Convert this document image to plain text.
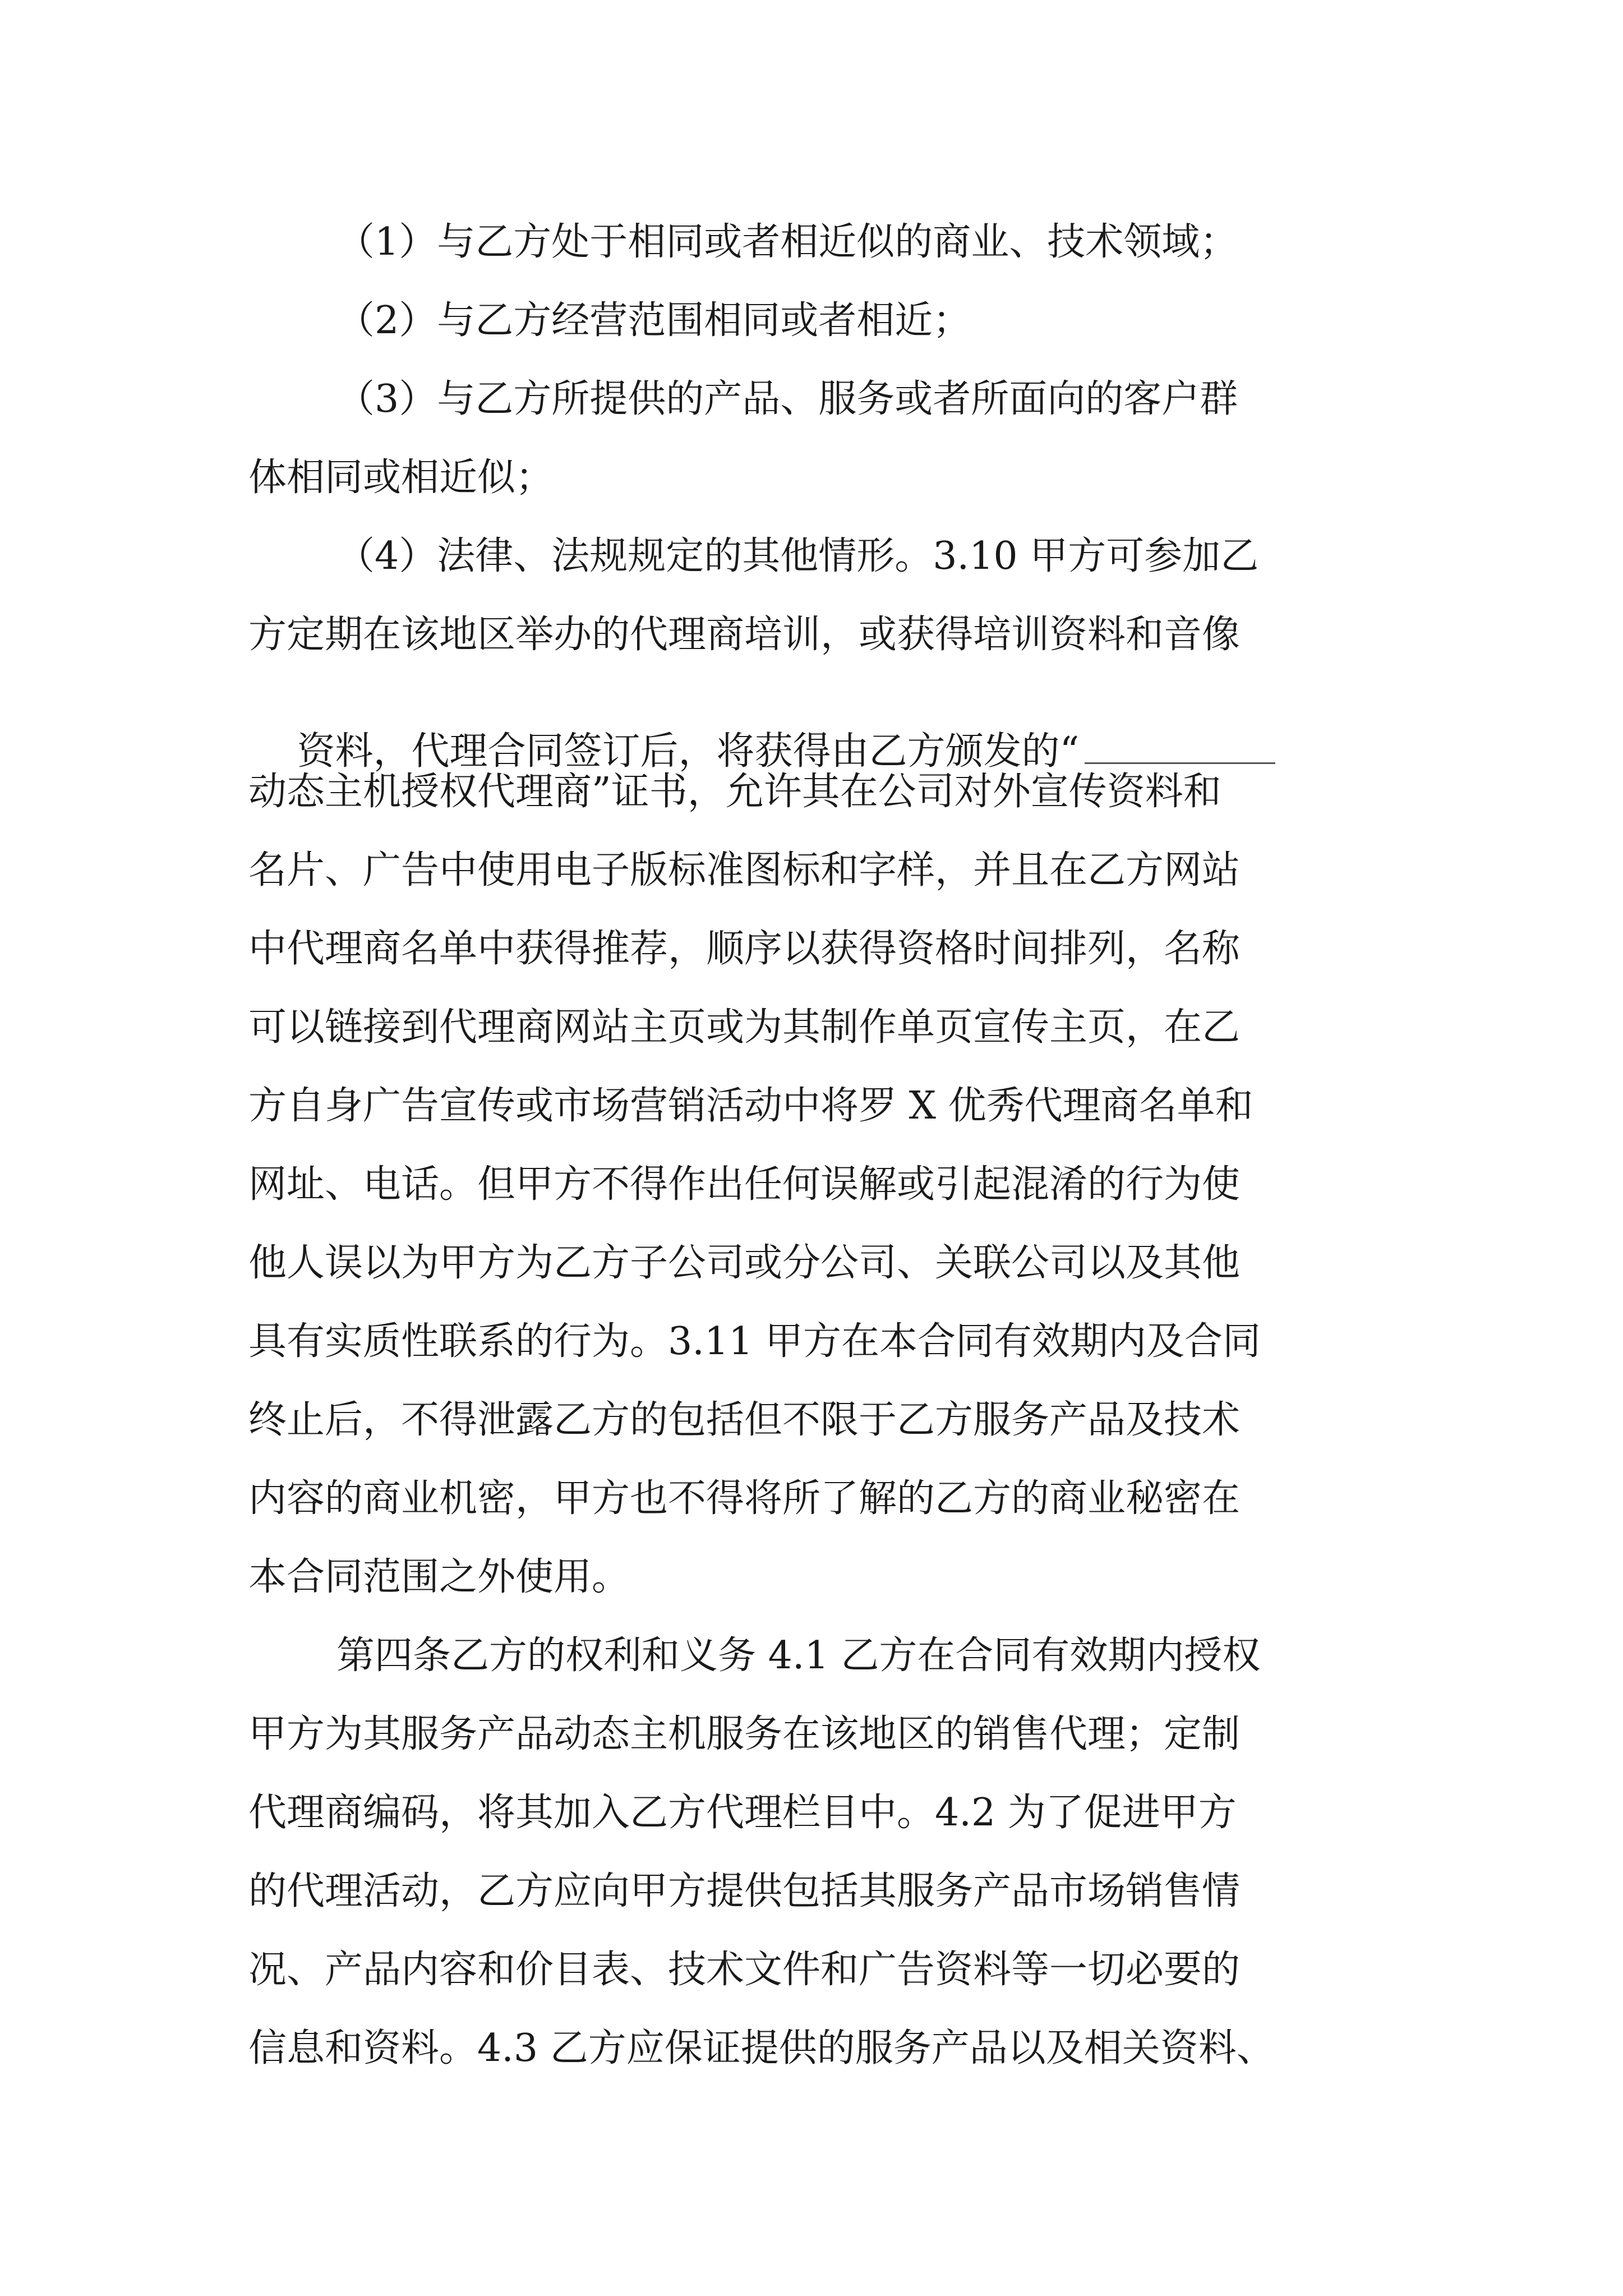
（1）与乙方处于相同或者相近似的商业、技术领域；
（2）与乙方经营范围相同或者相近；
（3）与乙方所提供的产品、服务或者所面向的客户群
体相同或相近似；
（4）法律、法规规定的其他情形。3.10 甲方可参加乙
方定期在该地区举办的代理商培训，或获得培训资料和音像

资料，代理合同签订后，将获得由乙方颁发的“

动态主机授权代理商”证书，允许其在公司对外宣传资料和
名片、广告中使用电子版标准图标和字样，并且在乙方网站
中代理商名单中获得推荐，顺序以获得资格时间排列，名称
可以链接到代理商网站主页或为其制作单页宣传主页，在乙
方自身广告宣传或市场营销活动中将罗 X 优秀代理商名单和
网址、电话。但甲方不得作出任何误解或引起混淆的行为使
他人误以为甲方为乙方子公司或分公司、关联公司以及其他
具有实质性联系的行为。3.11 甲方在本合同有效期内及合同
终止后，不得泄露乙方的包括但不限于乙方服务产品及技术
内容的商业机密，甲方也不得将所了解的乙方的商业秘密在
本合同范围之外使用。
第四条乙方的权利和义务 4.1 乙方在合同有效期内授权
甲方为其服务产品动态主机服务在该地区的销售代理；定制
代理商编码，将其加入乙方代理栏目中。4.2 为了促进甲方
的代理活动，乙方应向甲方提供包括其服务产品市场销售情
况、产品内容和价目表、技术文件和广告资料等一切必要的
信息和资料。4.3 乙方应保证提供的服务产品以及相关资料、
